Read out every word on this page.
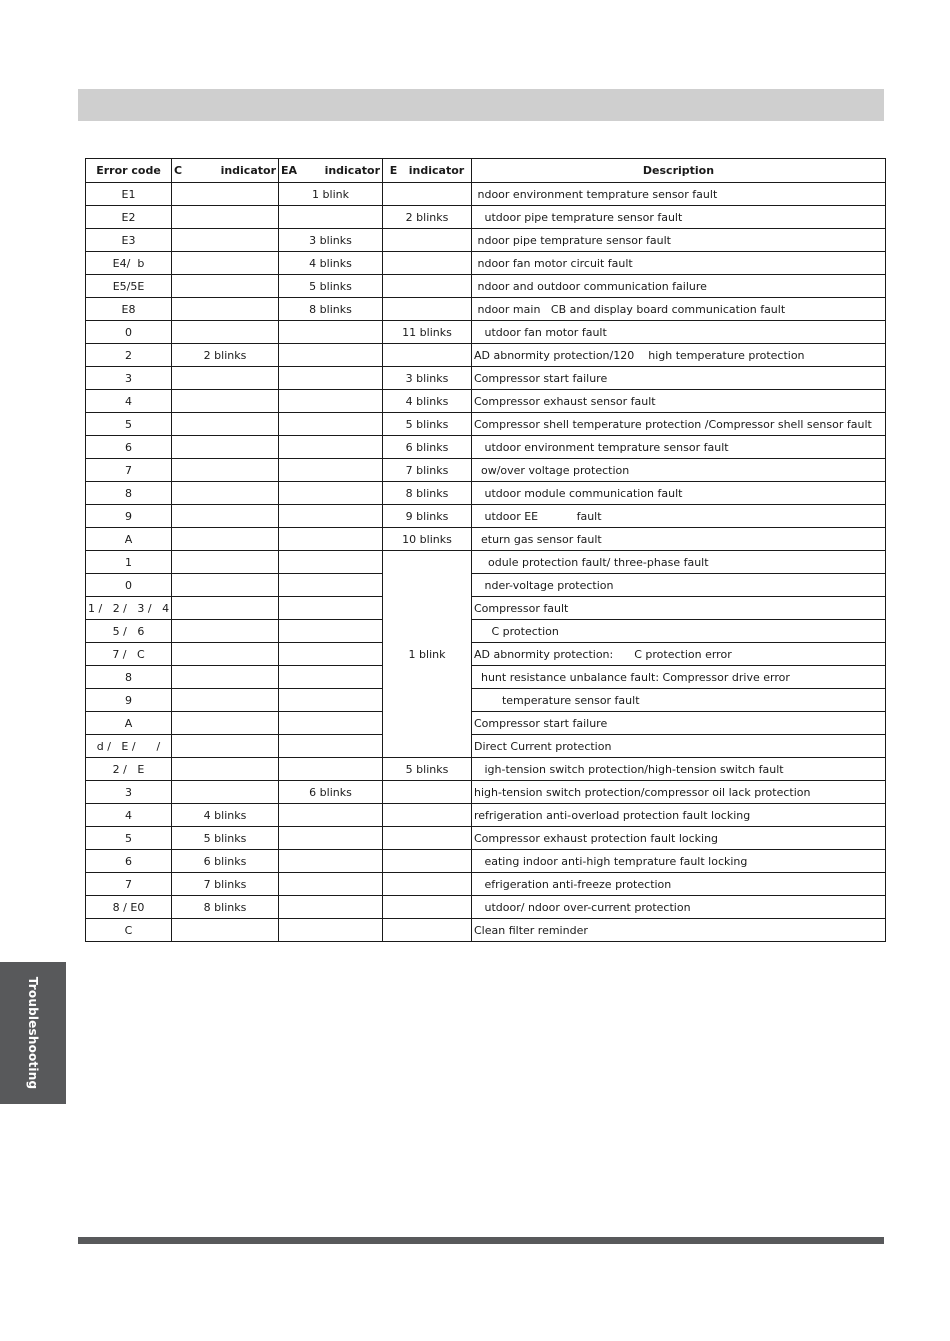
Error code	C indicator	EA indicator	E   indicator	Description
E1		1 blink		ndoor environment temprature sensor fault
E2			2 blinks	utdoor pipe temprature sensor fault
E3		3 blinks		ndoor pipe temprature sensor fault
E4/  b		4 blinks		ndoor fan motor circuit fault
E5/5E		5 blinks		ndoor and outdoor communication failure
E8		8 blinks		ndoor main   CB and display board communication fault
0			11 blinks	utdoor fan motor fault
2	2 blinks			AD abnormity protection/120    high temperature protection
3			3 blinks	Compressor start failure
4			4 blinks	Compressor exhaust sensor fault
5			5 blinks	Compressor shell temperature protection /Compressor shell sensor fault
6			6 blinks	utdoor environment temprature sensor fault
7			7 blinks	ow/over voltage protection
8			8 blinks	utdoor module communication fault
9			9 blinks	utdoor EE           fault
A			10 blinks	eturn gas sensor fault
1			1 blink	odule protection fault/ three-phase fault
0				nder-voltage protection
1 /   2 /   3 /   4				Compressor fault
5 /   6				C protection
7 /   C				AD abnormity protection:      C protection error
8				hunt resistance unbalance fault: Compressor drive error
9				temperature sensor fault
A				Compressor start failure
d /   E /      /				Direct Current protection
2 /   E			5 blinks	igh-tension switch protection/high-tension switch fault
3		6 blinks		high-tension switch protection/compressor oil lack protection
4	4 blinks			refrigeration anti-overload protection fault locking
5	5 blinks			Compressor exhaust protection fault locking
6	6 blinks			eating indoor anti-high temprature fault locking
7	7 blinks			efrigeration anti-freeze protection
8 / E0	8 blinks			utdoor/ ndoor over-current protection
C				Clean filter reminder
Troubleshooting
